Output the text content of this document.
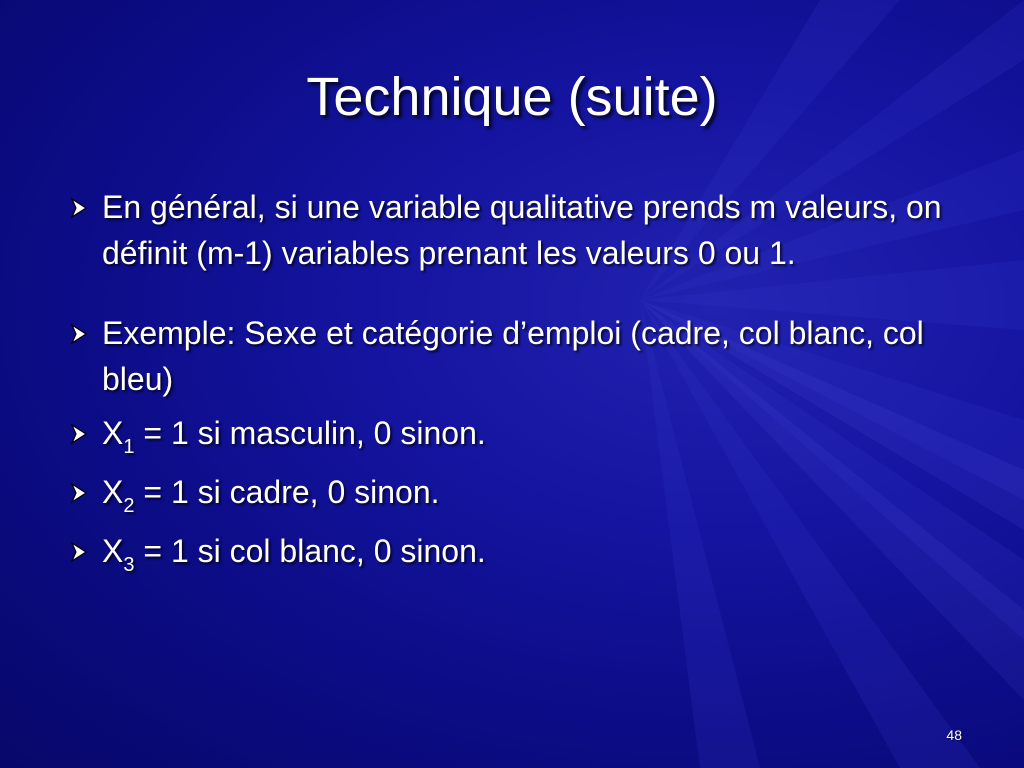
Technique (suite)
En général, si une variable qualitative prends m valeurs, on définit (m-1) variables prenant les valeurs 0 ou 1.
Exemple: Sexe et catégorie d’emploi (cadre, col blanc, col bleu)
$X_1 = 1$ si masculin, 0 sinon.
$X_2 = 1$ si cadre, 0 sinon.
$X_3 = 1$ si col blanc, 0 sinon.
48
